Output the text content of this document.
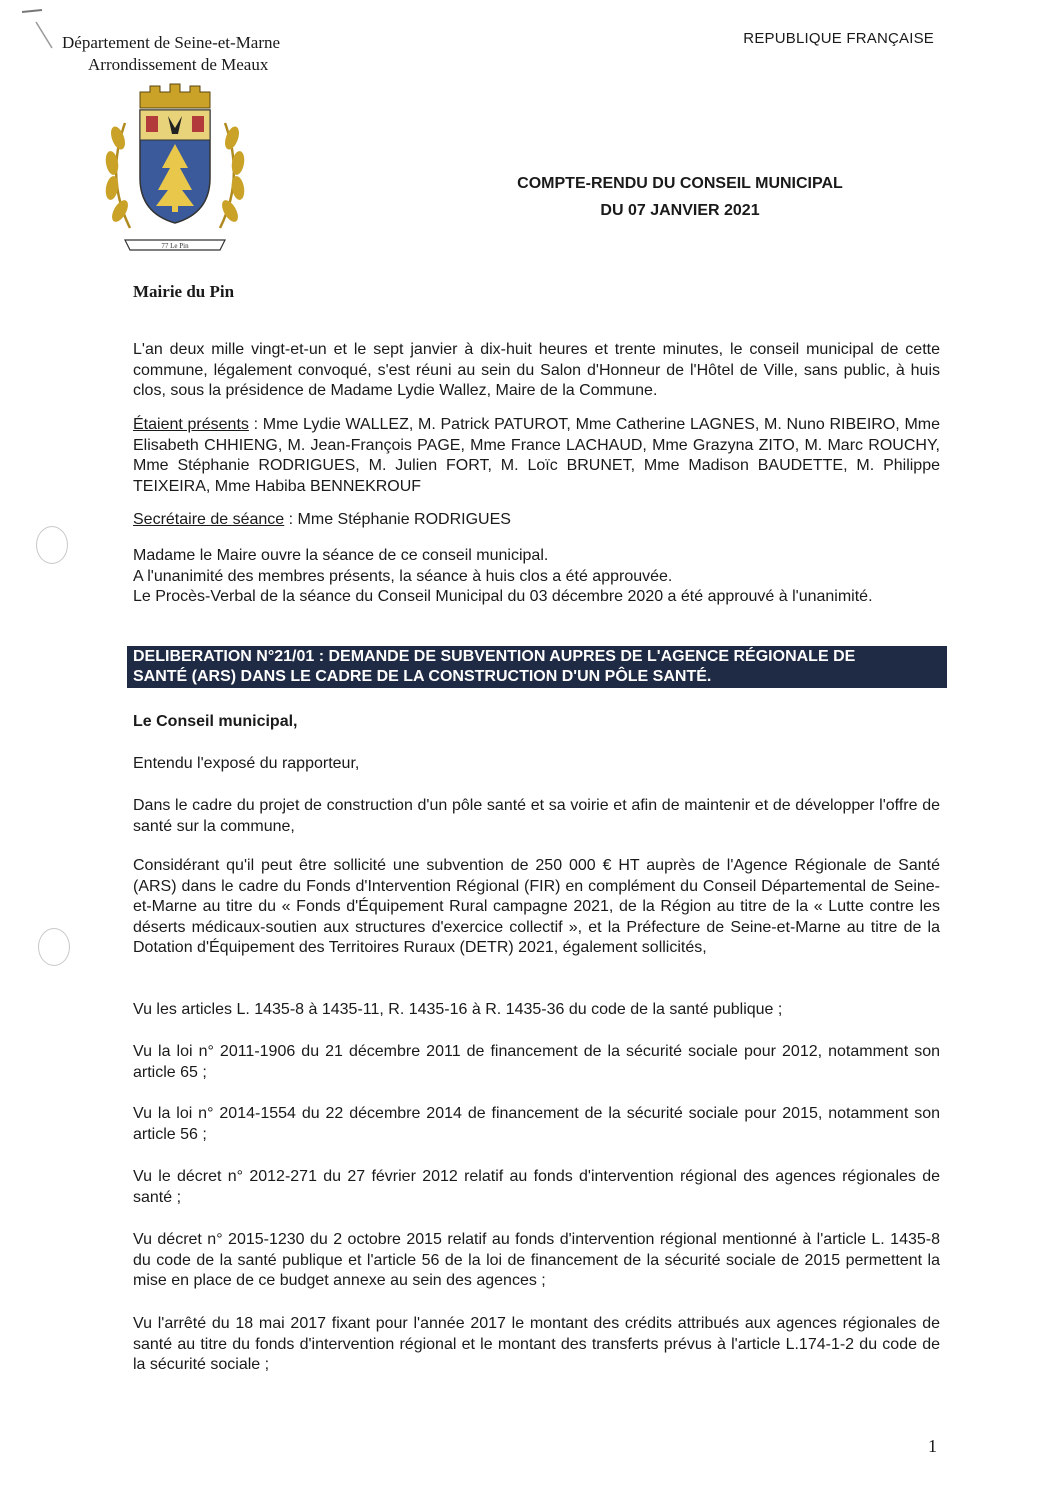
Département de Seine-et-Marne
Arrondissement de Meaux
REPUBLIQUE FRANÇAISE
77 Le Pin
Mairie du Pin
COMPTE-RENDU DU CONSEIL MUNICIPAL
DU 07 JANVIER 2021

L'an deux mille vingt-et-un et le sept janvier à dix-huit heures et trente minutes, le conseil municipal de cette commune, légalement convoqué, s'est réuni au sein du Salon d'Honneur de l'Hôtel de Ville, sans public, à huis clos, sous la présidence de Madame Lydie Wallez, Maire de la Commune.

Étaient présents : Mme Lydie WALLEZ, M. Patrick PATUROT, Mme Catherine LAGNES, M. Nuno RIBEIRO, Mme Elisabeth CHHIENG, M. Jean-François PAGE, Mme France LACHAUD, Mme Grazyna ZITO, M. Marc ROUCHY, Mme Stéphanie RODRIGUES, M. Julien FORT, M. Loïc BRUNET, Mme Madison BAUDETTE, M. Philippe TEIXEIRA, Mme Habiba BENNEKROUF

Secrétaire de séance : Mme Stéphanie RODRIGUES

Madame le Maire ouvre la séance de ce conseil municipal.

A l'unanimité des membres présents, la séance à huis clos a été approuvée.

Le Procès-Verbal de la séance du Conseil Municipal du 03 décembre 2020 a été approuvé à l'unanimité.

DELIBERATION N°21/01 : DEMANDE DE SUBVENTION AUPRES DE L'AGENCE RÉGIONALE DE
SANTÉ (ARS) DANS LE CADRE DE LA CONSTRUCTION D'UN PÔLE SANTÉ.
Le Conseil municipal,
Entendu l'exposé du rapporteur,
Dans le cadre du projet de construction d'un pôle santé et sa voirie et afin de maintenir et de développer l'offre de santé sur la commune,
Considérant qu'il peut être sollicité une subvention de 250 000 € HT auprès de l'Agence Régionale de Santé (ARS) dans le cadre du Fonds d'Intervention Régional (FIR) en complément du Conseil Départemental de Seine-et-Marne au titre du « Fonds d'Équipement Rural campagne 2021, de la Région au titre de la « Lutte contre les déserts médicaux-soutien aux structures d'exercice collectif », et la Préfecture de Seine-et-Marne au titre de la Dotation d'Équipement des Territoires Ruraux (DETR) 2021, également sollicités,
Vu les articles L. 1435-8 à 1435-11, R. 1435-16 à R. 1435-36 du code de la santé publique ;
Vu la loi n° 2011-1906 du 21 décembre 2011 de financement de la sécurité sociale pour 2012, notamment son article 65 ;
Vu la loi n° 2014-1554 du 22 décembre 2014 de financement de la sécurité sociale pour 2015, notamment son article 56 ;
Vu le décret n° 2012-271 du 27 février 2012 relatif au fonds d'intervention régional des agences régionales de santé ;
Vu décret n° 2015-1230 du 2 octobre 2015 relatif au fonds d'intervention régional mentionné à l'article L. 1435-8 du code de la santé publique et l'article 56 de la loi de financement de la sécurité sociale de 2015 permettent la mise en place de ce budget annexe au sein des agences ;
Vu l'arrêté du 18 mai 2017 fixant pour l'année 2017 le montant des crédits attribués aux agences régionales de santé au titre du fonds d'intervention régional et le montant des transferts prévus à l'article L.174-1-2 du code de la sécurité sociale ;
1
